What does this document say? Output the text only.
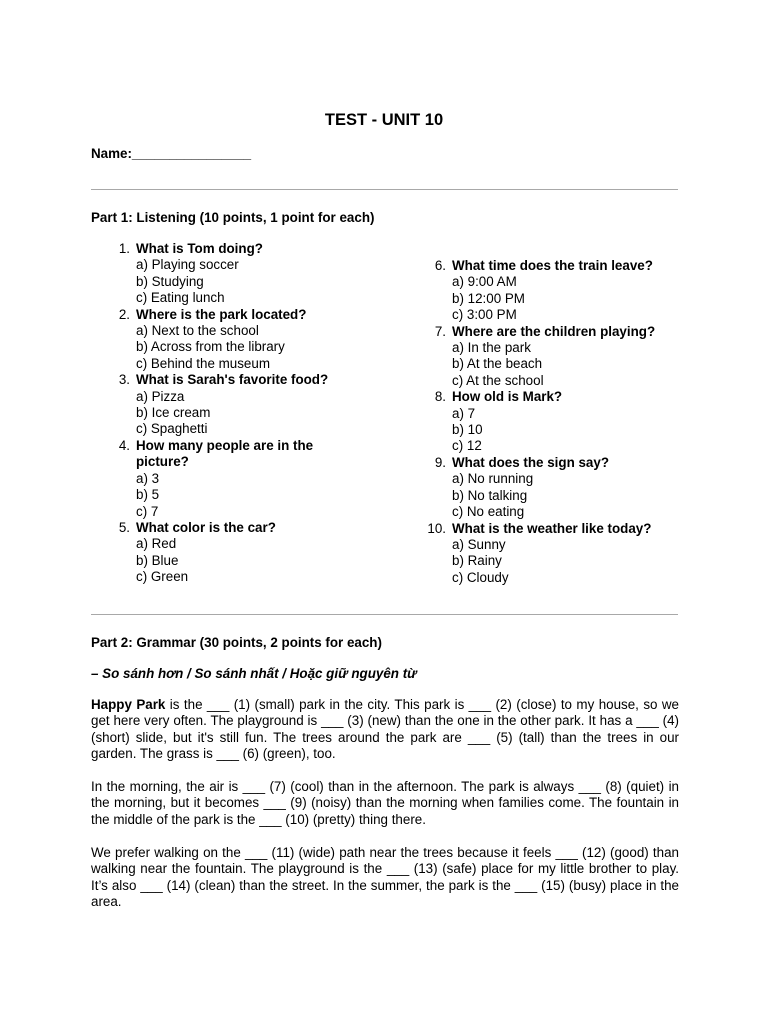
TEST - UNIT 10
Name:________________
Part 1: Listening (10 points, 1 point for each)
1. What is Tom doing?
a) Playing soccer
b) Studying
c) Eating lunch
2. Where is the park located?
a) Next to the school
b) Across from the library
c) Behind the museum
3. What is Sarah's favorite food?
a) Pizza
b) Ice cream
c) Spaghetti
4. How many people are in the picture?
a) 3
b) 5
c) 7
5. What color is the car?
a) Red
b) Blue
c) Green
6. What time does the train leave?
a) 9:00 AM
b) 12:00 PM
c) 3:00 PM
7. Where are the children playing?
a) In the park
b) At the beach
c) At the school
8. How old is Mark?
a) 7
b) 10
c) 12
9. What does the sign say?
a) No running
b) No talking
c) No eating
10. What is the weather like today?
a) Sunny
b) Rainy
c) Cloudy
Part 2: Grammar (30 points, 2 points for each)
– So sánh hơn / So sánh nhất / Hoặc giữ nguyên từ
Happy Park is the ___ (1) (small) park in the city. This park is ___ (2) (close) to my house, so we get here very often. The playground is ___ (3) (new) than the one in the other park. It has a ___ (4) (short) slide, but it's still fun. The trees around the park are ___ (5) (tall) than the trees in our garden. The grass is ___ (6) (green), too.
In the morning, the air is ___ (7) (cool) than in the afternoon. The park is always ___ (8) (quiet) in the morning, but it becomes ___ (9) (noisy) than the morning when families come. The fountain in the middle of the park is the ___ (10) (pretty) thing there.
We prefer walking on the ___ (11) (wide) path near the trees because it feels ___ (12) (good) than walking near the fountain. The playground is the ___ (13) (safe) place for my little brother to play. It’s also ___ (14) (clean) than the street. In the summer, the park is the ___ (15) (busy) place in the area.
